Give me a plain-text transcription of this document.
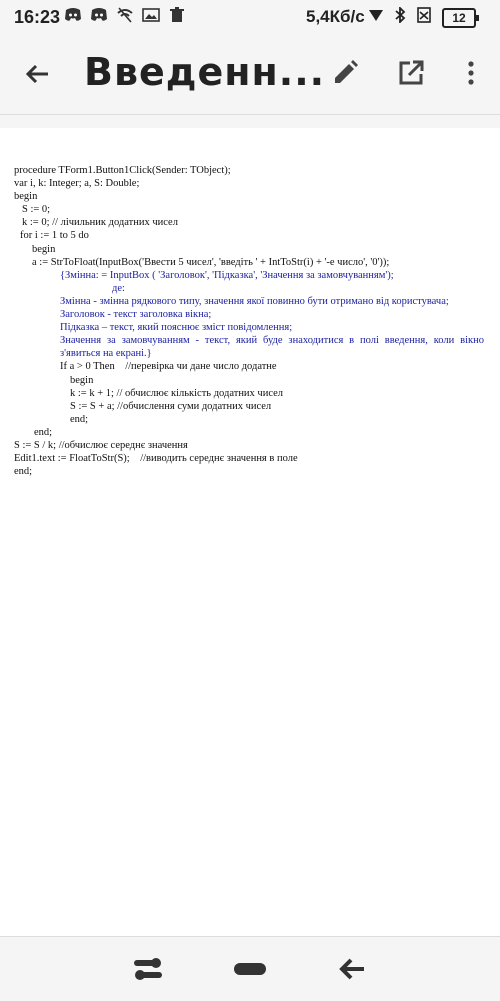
16:23	5,4Кб/с	12
Введенн...
procedure TForm1.Button1Click(Sender: TObject);
var i, k: Integer; a, S: Double;
begin
S := 0;
k := 0; // лічильник додатних чисел
for i := 1 to 5 do
begin
a := StrToFloat(InputBox('Ввести 5 чисел', 'введіть ' + IntToStr(i) + '-е число', '0'));
{Змінна: = InputBox ( 'Заголовок', 'Підказка', 'Значення за замовчуванням');
де:
Змінна - змінна рядкового типу, значення якої повинно бути отримано від користувача;
Заголовок - текст заголовка вікна;
Підказка – текст, який пояснює зміст повідомлення;
Значення за замовчуванням - текст, який буде знаходитися в полі введення, коли вікно з'явиться на екрані.}
If a > 0 Then    //перевірка чи дане число додатне
begin
k := k + 1; // обчислює кількість додатних чисел
S := S + a; //обчислення суми додатних чисел
end;
end;
S := S / k; //обчислює середнє значення
Edit1.text := FloatToStr(S);    //виводить середнє значення в поле
end;
